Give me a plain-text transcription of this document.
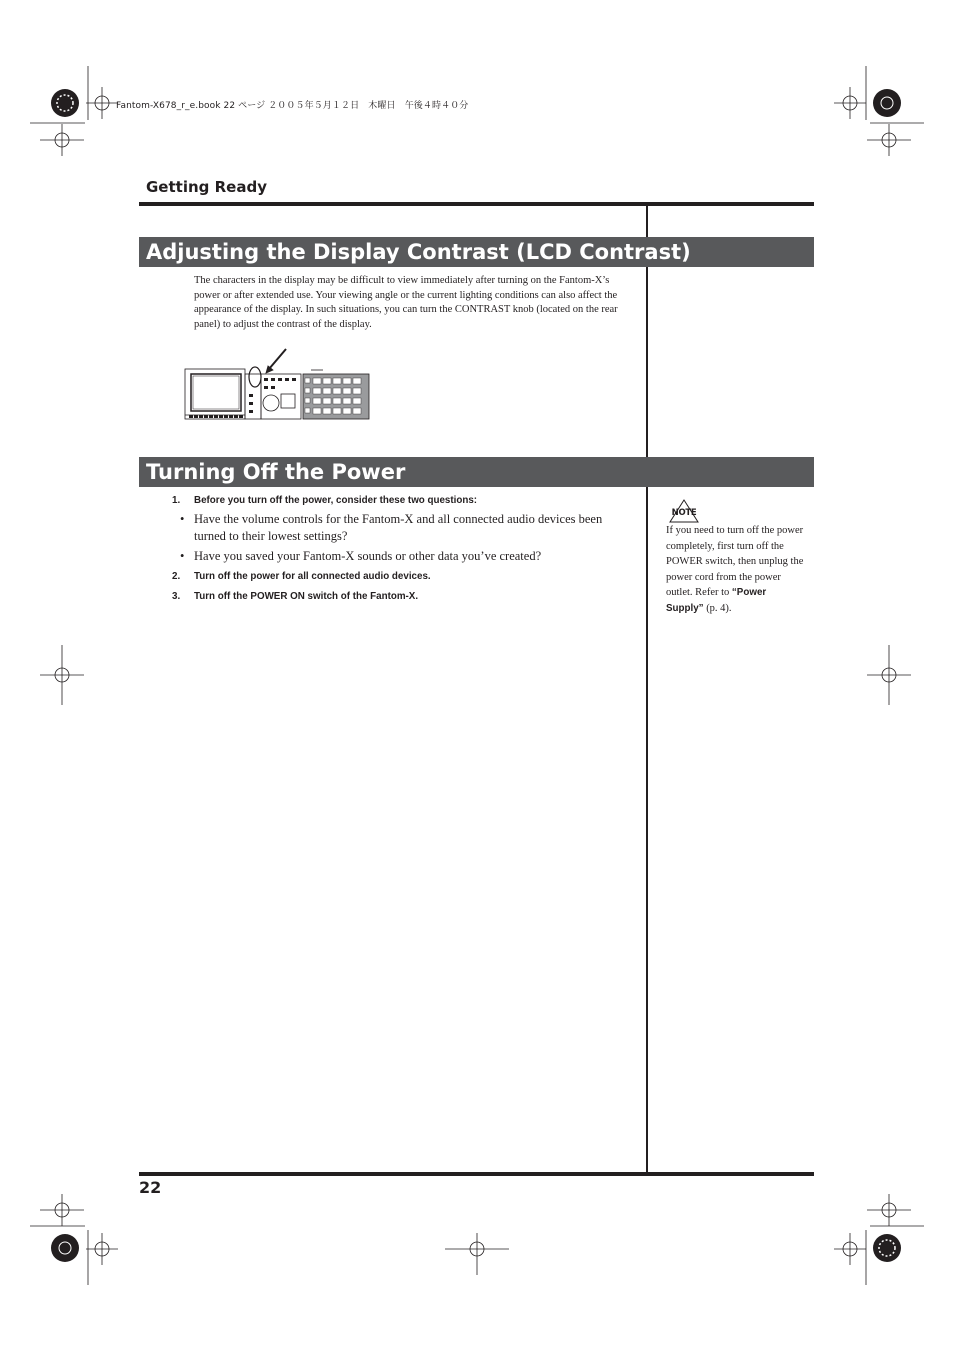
Fantom-X678_r_e.book 22 ページ ２００５年５月１２日　木曜日　午後４時４０分
Getting Ready
Adjusting the Display Contrast (LCD Contrast)
The characters in the display may be difficult to view immediately after turning on the Fantom-X’s power or after extended use. Your viewing angle or the current lighting conditions can also affect the appearance of the display. In such situations, you can turn the CONTRAST knob (located on the rear panel) to adjust the contrast of the display.
Turning Off the Power
1. Before you turn off the power, consider these two questions:
• Have the volume controls for the Fantom-X and all connected audio devices been turned to their lowest settings?
• Have you saved your Fantom-X sounds or other data you’ve created?
2. Turn off the power for all connected audio devices.
3. Turn off the POWER ON switch of the Fantom-X.
NOTE
If you need to turn off the power completely, first turn off the POWER switch, then unplug the power cord from the power outlet. Refer to “Power Supply” (p. 4).
22
